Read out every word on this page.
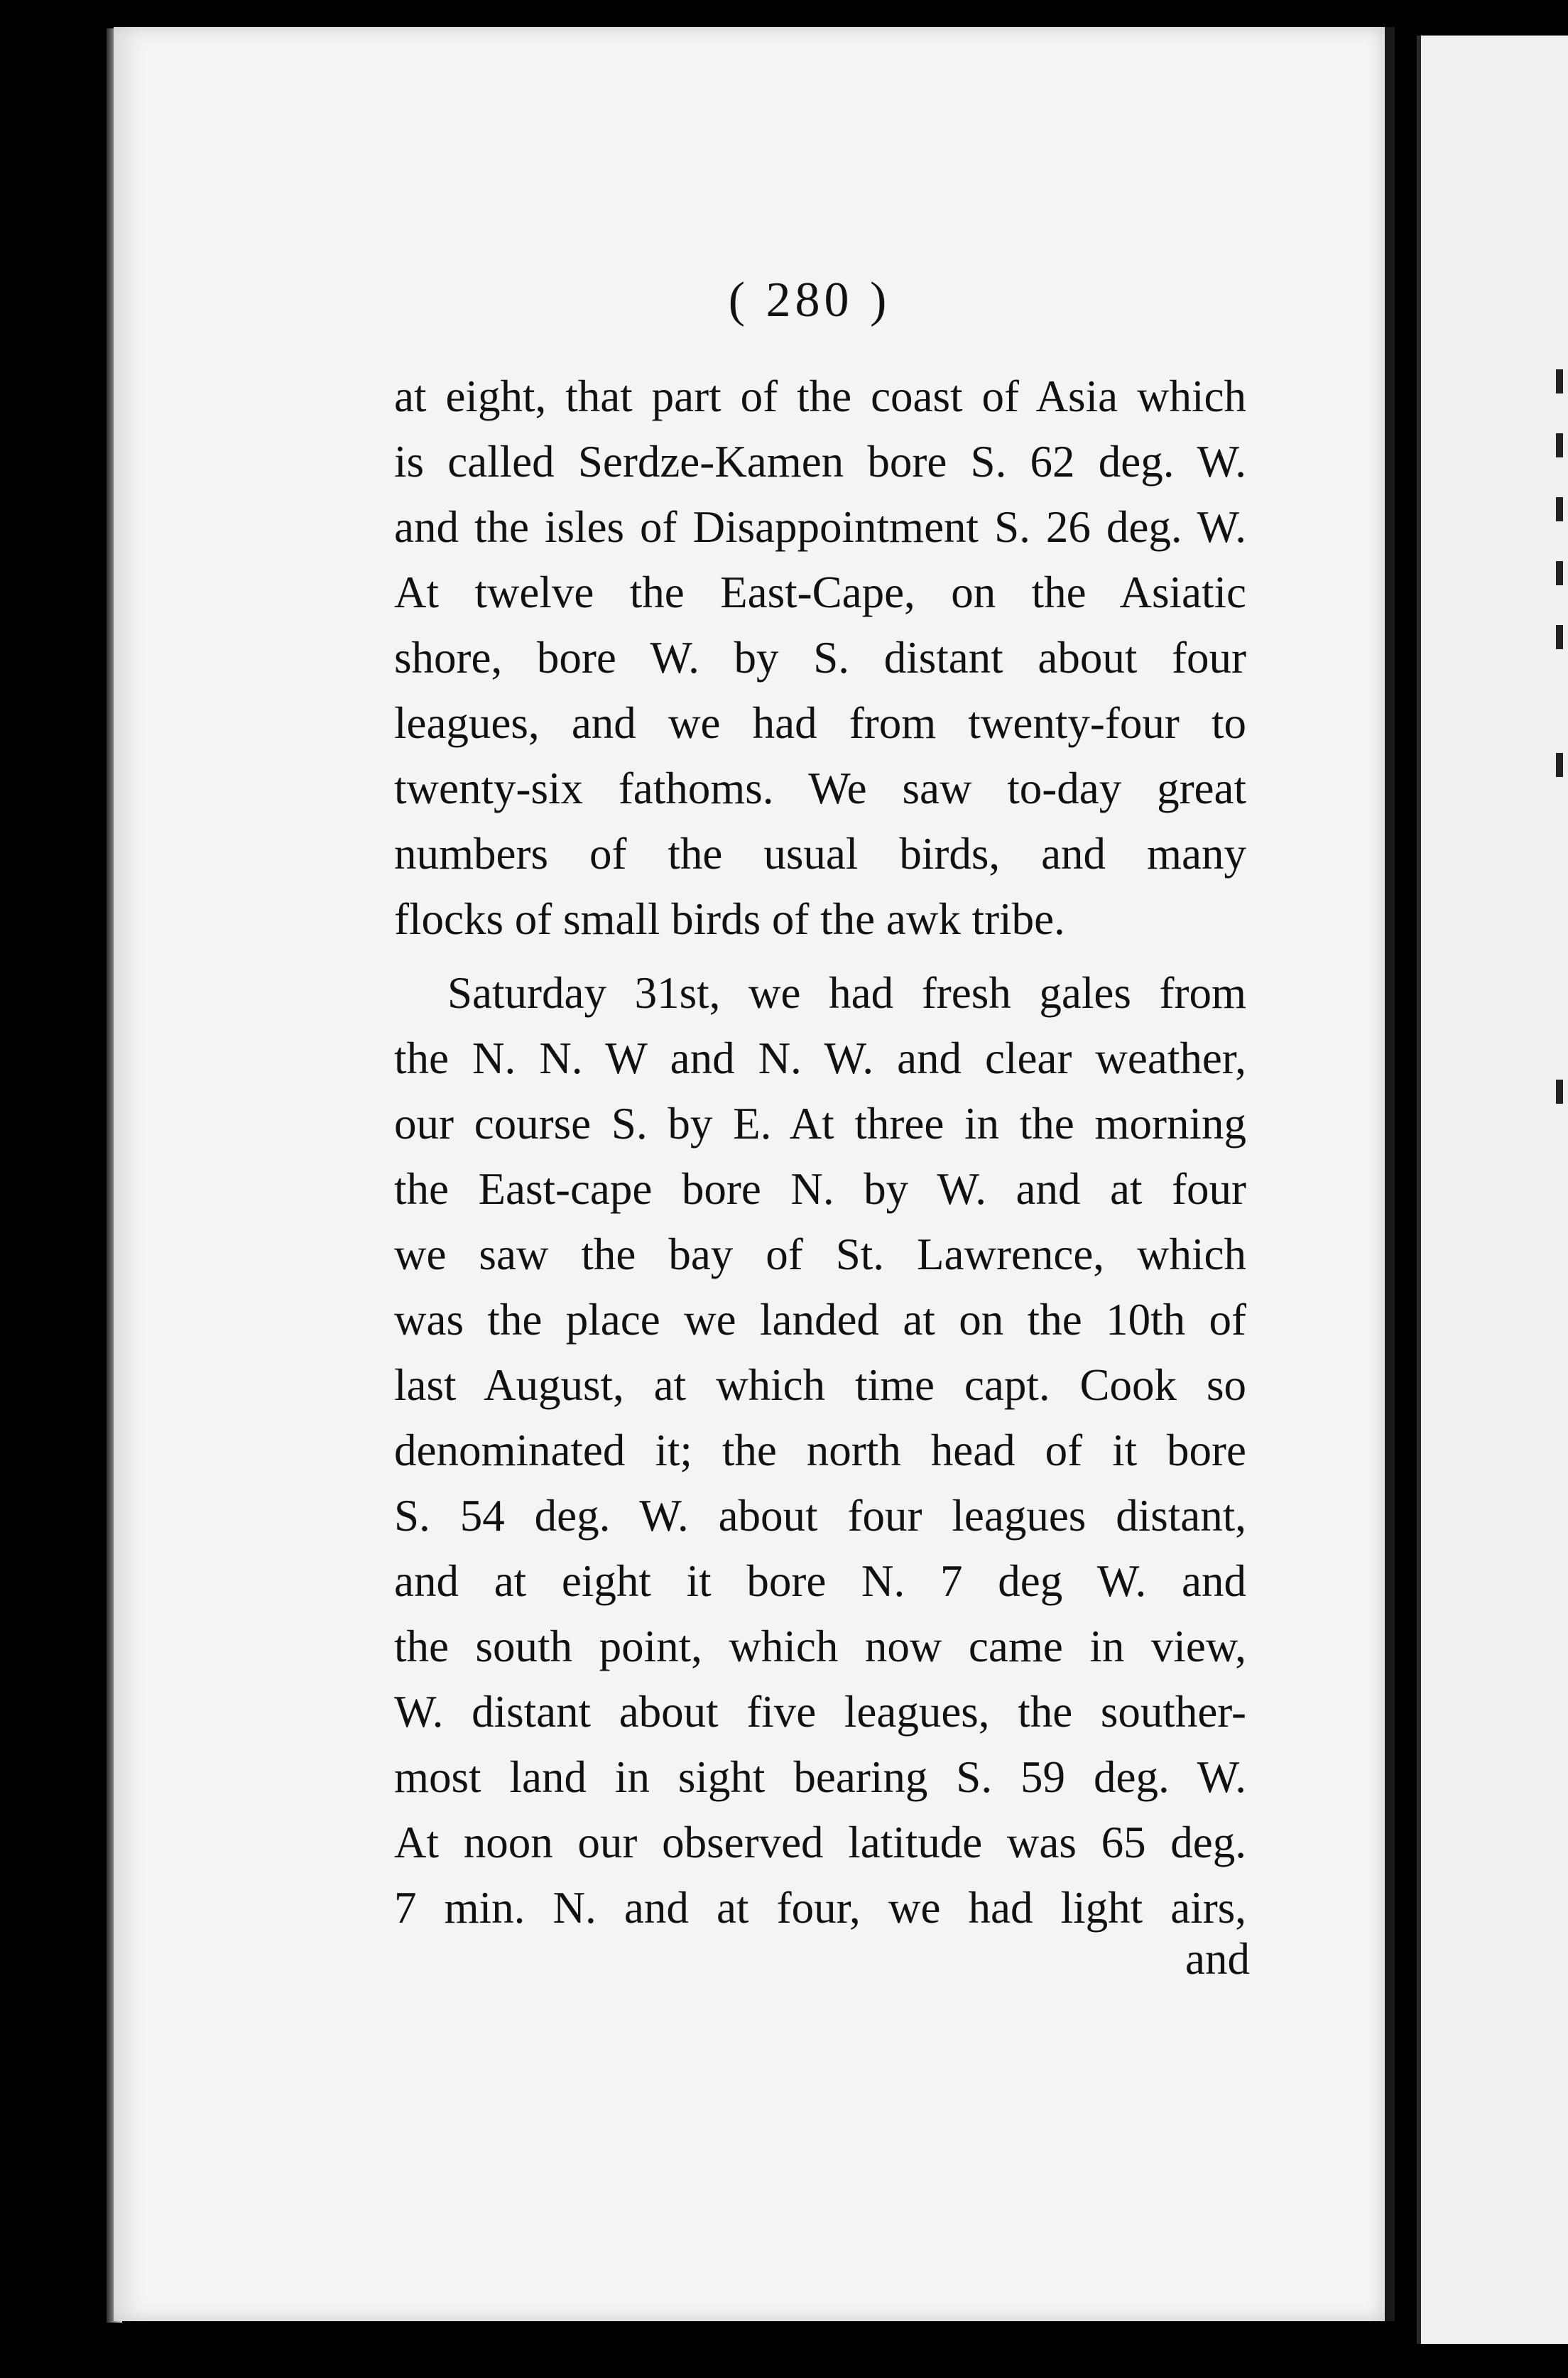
( 280 )
at eight, that part of the coast of Asia which
is called Serdze-Kamen bore S. 62 deg. W.
and the isles of Disappointment S. 26 deg. W.
At twelve the East-Cape, on the Asiatic
shore, bore W. by S. distant about four
leagues, and we had from twenty-four to
twenty-six fathoms. We saw to-day great
numbers of the usual birds, and many
flocks of small birds of the awk tribe.
Saturday 31st, we had fresh gales from
the N. N. W and N. W. and clear weather,
our course S. by E. At three in the morning
the East-cape bore N. by W. and at four
we saw the bay of St. Lawrence, which
was the place we landed at on the 10th of
last August, at which time capt. Cook so
denominated it; the north head of it bore
S. 54 deg. W. about four leagues distant,
and at eight it bore N. 7 deg W. and
the south point, which now came in view,
W. distant about five leagues, the souther-
most land in sight bearing S. 59 deg. W.
At noon our observed latitude was 65 deg.
7 min. N. and at four, we had light airs,
and
